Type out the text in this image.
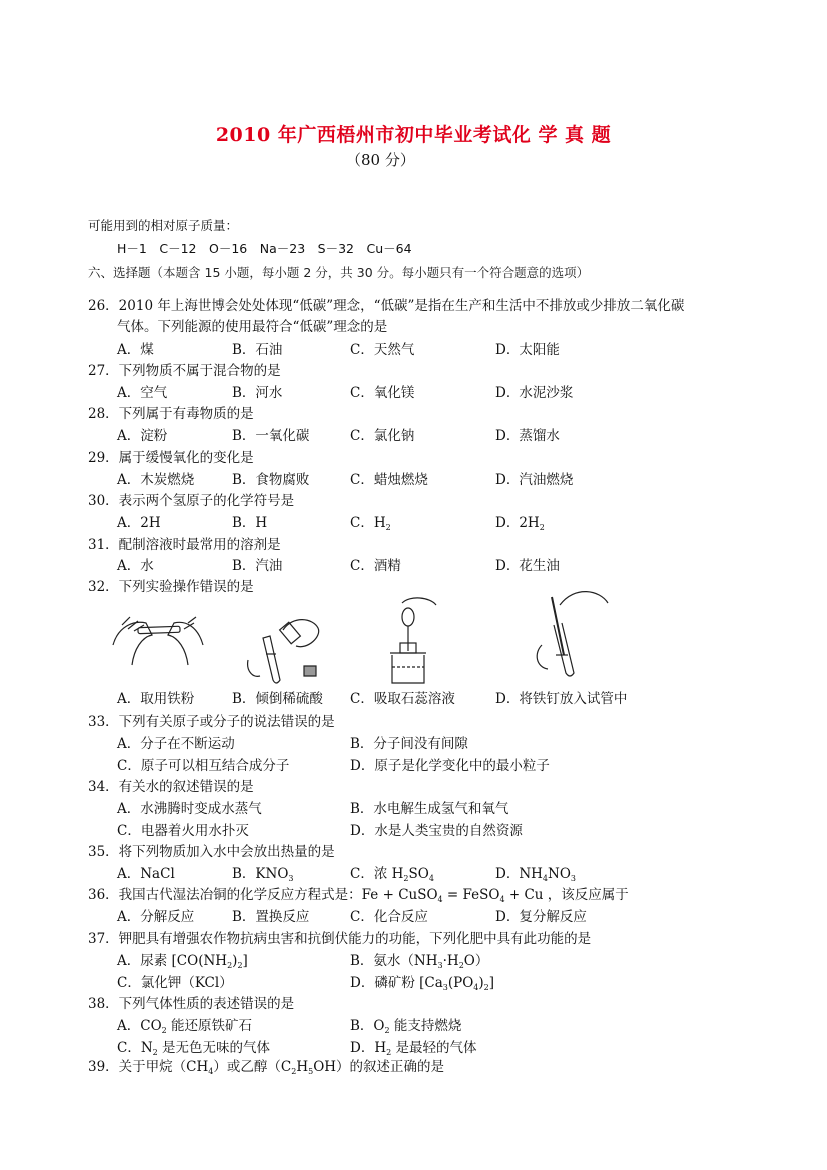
2010 年广西梧州市初中毕业考试化 学 真 题
（80 分）
可能用到的相对原子质量：
H－1　C－12　O－16　Na－23　S－32　Cu－64
六、选择题（本题含 15 小题，每小题 2 分，共 30 分。每小题只有一个符合题意的选项）
26．2010 年上海世博会处处体现“低碳”理念，“低碳”是指在生产和生活中不排放或少排放二氧化碳
气体。下列能源的使用最符合“低碳”理念的是
A．煤	B．石油	C．天然气	D．太阳能
27．下列物质不属于混合物的是
A．空气	B．河水	C．氧化镁	D．水泥沙浆
28．下列属于有毒物质的是
A．淀粉	B．一氧化碳	C．氯化钠	D．蒸馏水
29．属于缓慢氧化的变化是
A．木炭燃烧	B．食物腐败	C．蜡烛燃烧	D．汽油燃烧
30．表示两个氢原子的化学符号是
A．2H	B．H	C．$H_2$	D．$2H_2$
31．配制溶液时最常用的溶剂是
A．水	B．汽油	C．酒精	D．花生油
32．下列实验操作错误的是
A．取用铁粉	B．倾倒稀硫酸 C．吸取石蕊溶液	D．将铁钉放入试管中
33．下列有关原子或分子的说法错误的是
A．分子在不断运动	B．分子间没有间隙
C．原子可以相互结合成分子	D．原子是化学变化中的最小粒子
34．有关水的叙述错误的是
A．水沸腾时变成水蒸气	B．水电解生成氢气和氧气
C．电器着火用水扑灭	D．水是人类宝贵的自然资源
35．将下列物质加入水中会放出热量的是
A．NaCl	B．$KNO_3$	C．浓 $H_2SO_4$	D．$NH_4NO_3$
36．我国古代湿法冶铜的化学反应方程式是：Fe + CuSO$_4$ = FeSO$_4$ + Cu ，该反应属于
A．分解反应	B．置换反应	C．化合反应	D．复分解反应
37．钾肥具有增强农作物抗病虫害和抗倒伏能力的功能，下列化肥中具有此功能的是
A．尿素 $[CO(NH_2)_2]$	B．氨水$(NH_3\cdot H_2O)$
C．氯化钾（KCl）	D．磷矿粉 $[Ca_3(PO_4)_2]$
38．下列气体性质的表述错误的是
A．$CO_2$ 能还原铁矿石	B．$O_2$ 能支持燃烧
C．$N_2$ 是无色无味的气体	D．$H_2$ 是最轻的气体
39．关于甲烷$(CH_4)$或乙醇$(C_2H_5OH)$的叙述正确的是
